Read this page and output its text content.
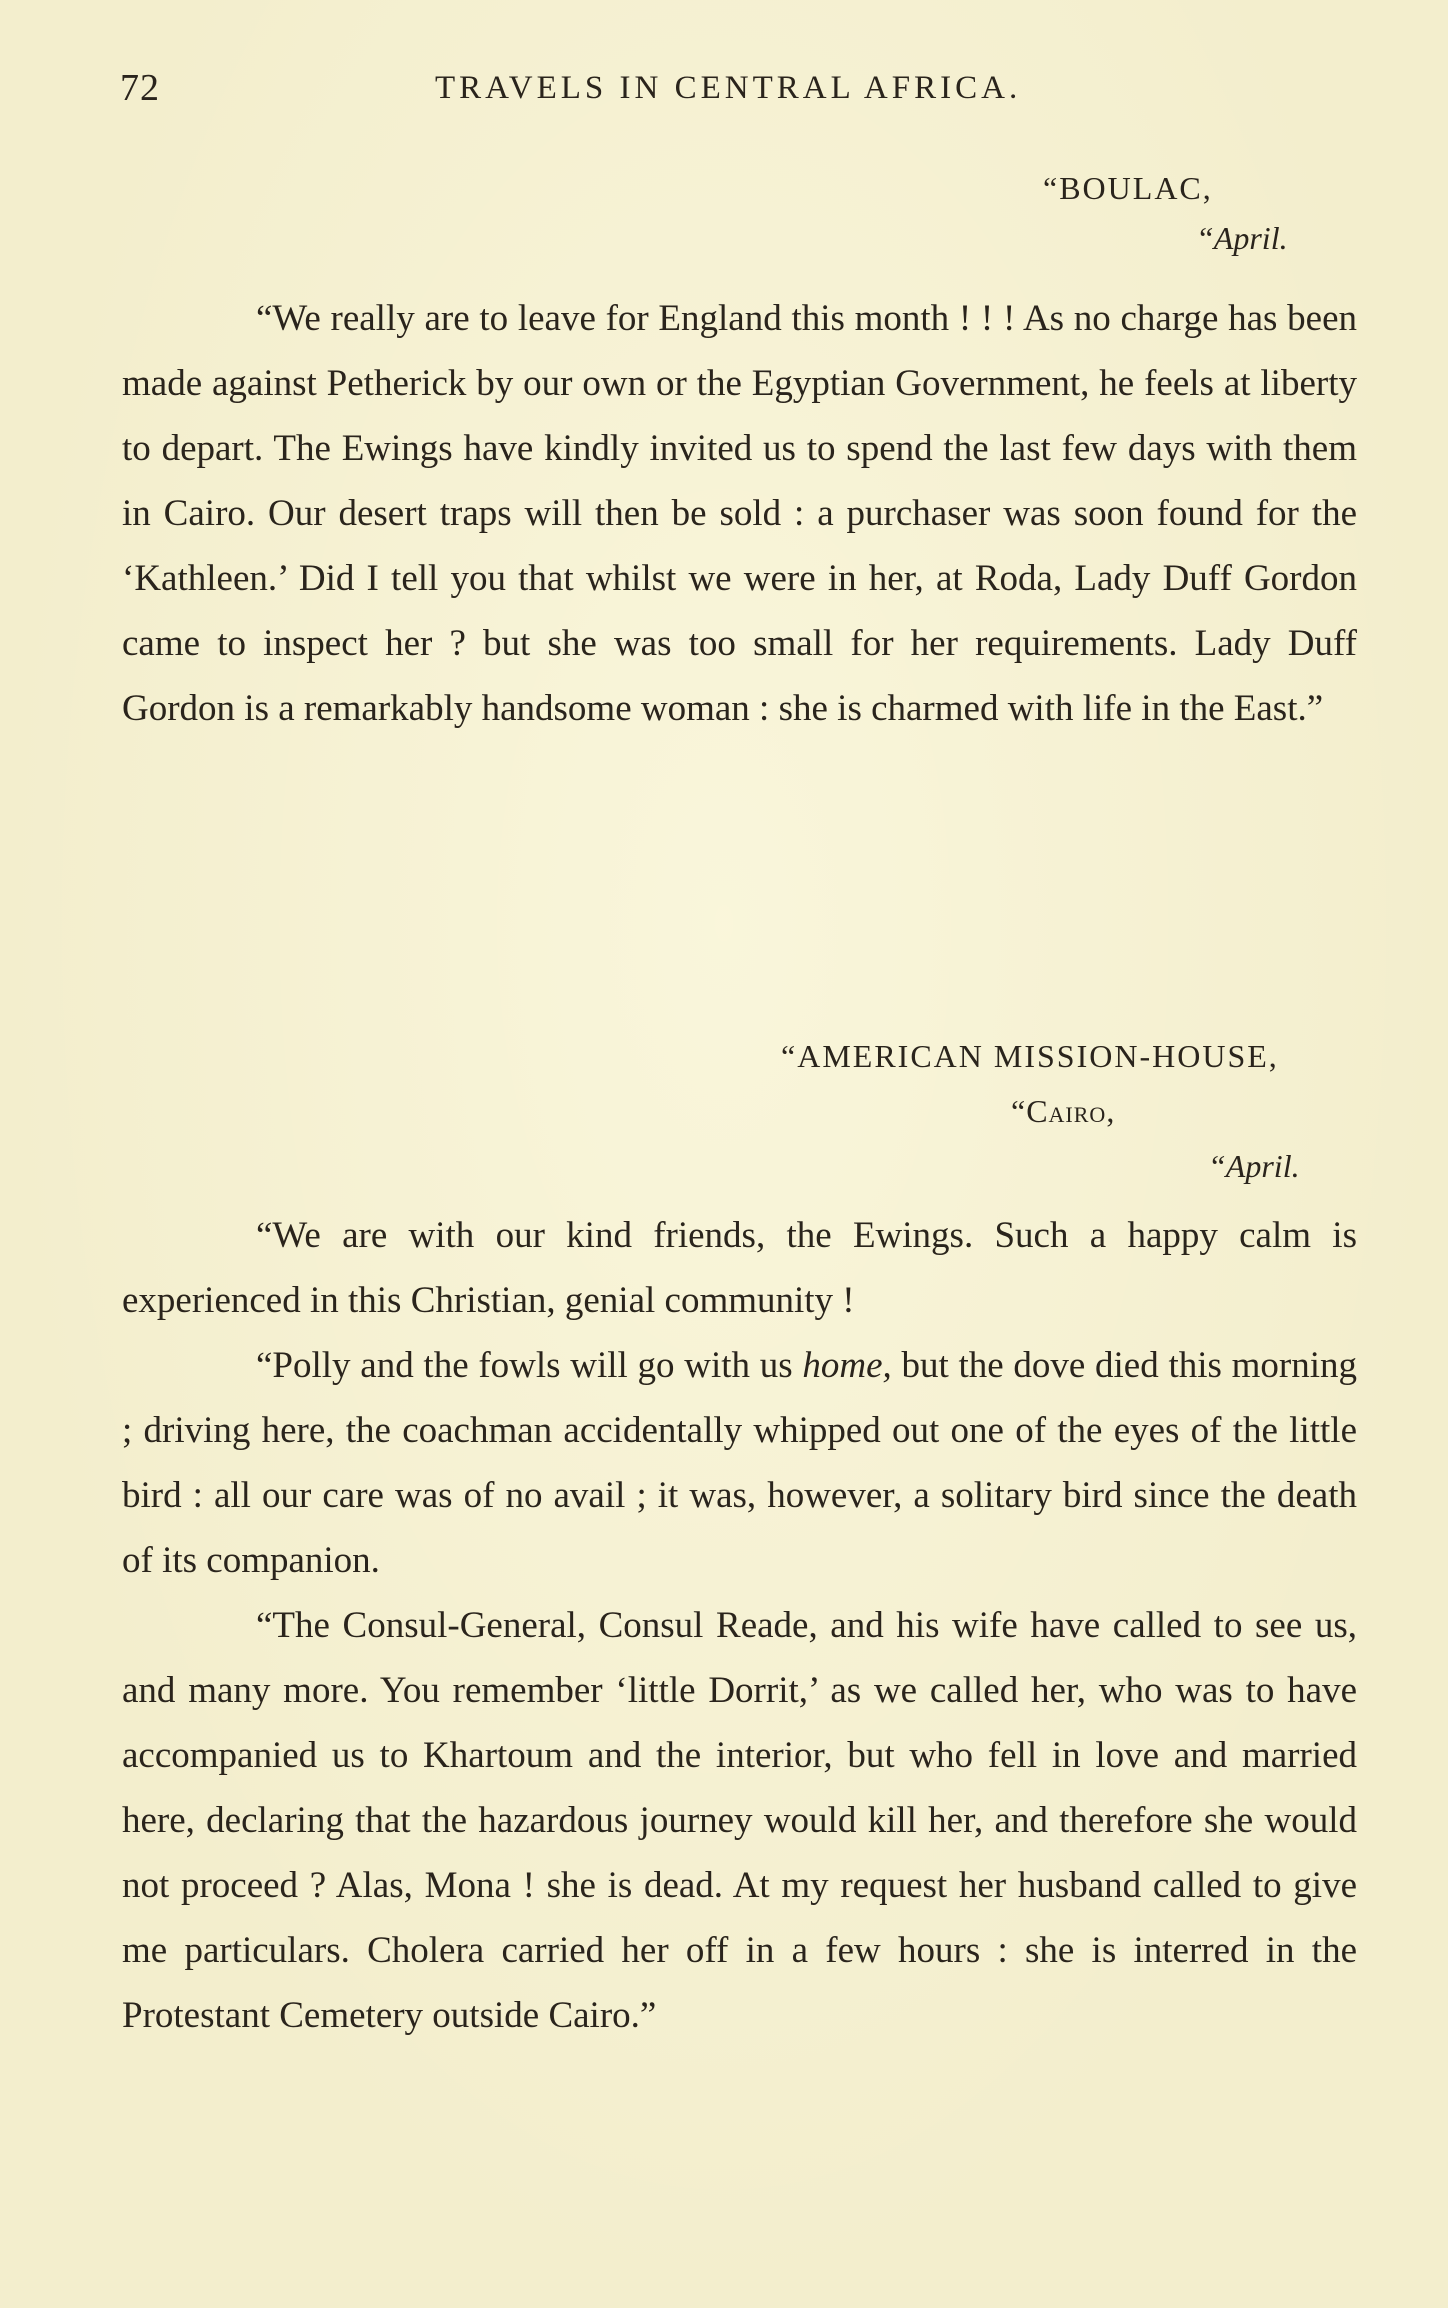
72	TRAVELS IN CENTRAL AFRICA.
“BOULAC,
“April.

“We really are to leave for England this month ! ! ! As no charge has been made against Petherick by our own or the Egyptian Government, he feels at liberty to depart. The Ewings have kindly invited us to spend the last few days with them in Cairo. Our desert traps will then be sold : a purchaser was soon found for the ‘Kathleen.’ Did I tell you that whilst we were in her, at Roda, Lady Duff Gordon came to inspect her ? but she was too small for her requirements. Lady Duff Gordon is a remarkably handsome woman : she is charmed with life in the East.”

“AMERICAN MISSION-HOUSE,
“Cairo,
“April.

“We are with our kind friends, the Ewings. Such a happy calm is experienced in this Christian, genial community !

“Polly and the fowls will go with us home, but the dove died this morning ; driving here, the coachman accidentally whipped out one of the eyes of the little bird : all our care was of no avail ; it was, however, a solitary bird since the death of its companion.

“The Consul-General, Consul Reade, and his wife have called to see us, and many more. You remember ‘little Dorrit,’ as we called her, who was to have accompanied us to Khartoum and the interior, but who fell in love and married here, declaring that the hazardous journey would kill her, and therefore she would not proceed ? Alas, Mona ! she is dead. At my request her husband called to give me particulars. Cholera carried her off in a few hours : she is interred in the Protestant Cemetery outside Cairo.”
